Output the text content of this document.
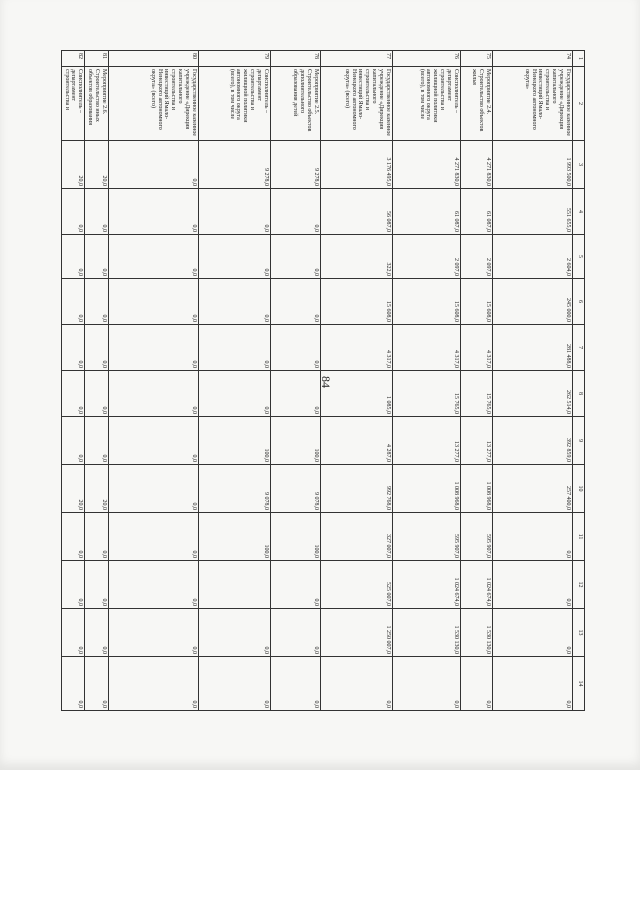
84
1	2	3	4	5	6	7	8	9	10	11	12	13	14
74	Государственное казенное учреждение «Дирекция капитального строительства и инвестиций Ямало-Ненецкого автономного округа»	1 993 500,0	551 655,0	2 604,0	245 000,0	281 488,0	262 514,0	392 859,0	257 400,0	0,0	0,0	0,0	0,0
75	Мероприятие 2.4. Строительство объектов жилья	4 271 830,0	61 087,0	2 097,0	15 608,0	4 317,0	15 765,0	13 277,0	1 008 968,0	595 907,0	1 024 674,0	1 530 130,0	0,0
76	Соисполнитель – департамент строительства и жилищной политики автономного округа (всего), в том числе	4 271 830,0	61 087,0	2 097,0	15 608,0	4 317,0	15 765,0	13 277,0	1 008 968,0	595 907,0	1 024 674,0	1 530 130,0	0,0
77	Государственное казенное учреждение «Дирекция капитального строительства и инвестиций Ямало-Ненецкого автономного округа» (всего)	3 176 495,0	56 087,0	322,0	15 608,0	4 317,0	1 085,0	4 287,0	992 768,0	327 007,0	525 007,0	1 250 007,0	0,0
78	Мероприятие 2.5. Строительство объектов дополнительного образования детей	9 278,0	0,0	0,0	0,0	0,0	0,0	100,0	9 078,0	100,0	0,0	0,0	0,0
79	Соисполнитель – департамент строительства и жилищной политики автономного округа (всего), в том числе	9 278,0	0,0	0,0	0,0	0,0	0,0	100,0	9 078,0	100,0		0,0	0,0
80	Государственное казенное учреждение «Дирекция капитального строительства и инвестиций Ямало-Ненецкого автономного округа» (всего)	0,0	0,0	0,0	0,0	0,0	0,0	0,0	0,0	0,0	0,0	0,0	0,0
81	Мероприятие 2.6. Строительство иных объектов образования	20,0	0,0	0,0	0,0	0,0	0,0	0,0	20,0	0,0	0,0	0,0	0,0
82	Соисполнитель – департамент строительства и	20,0	0,0	0,0	0,0	0,0	0,0	0,0	20,0	0,0	0,0	0,0	0,0
